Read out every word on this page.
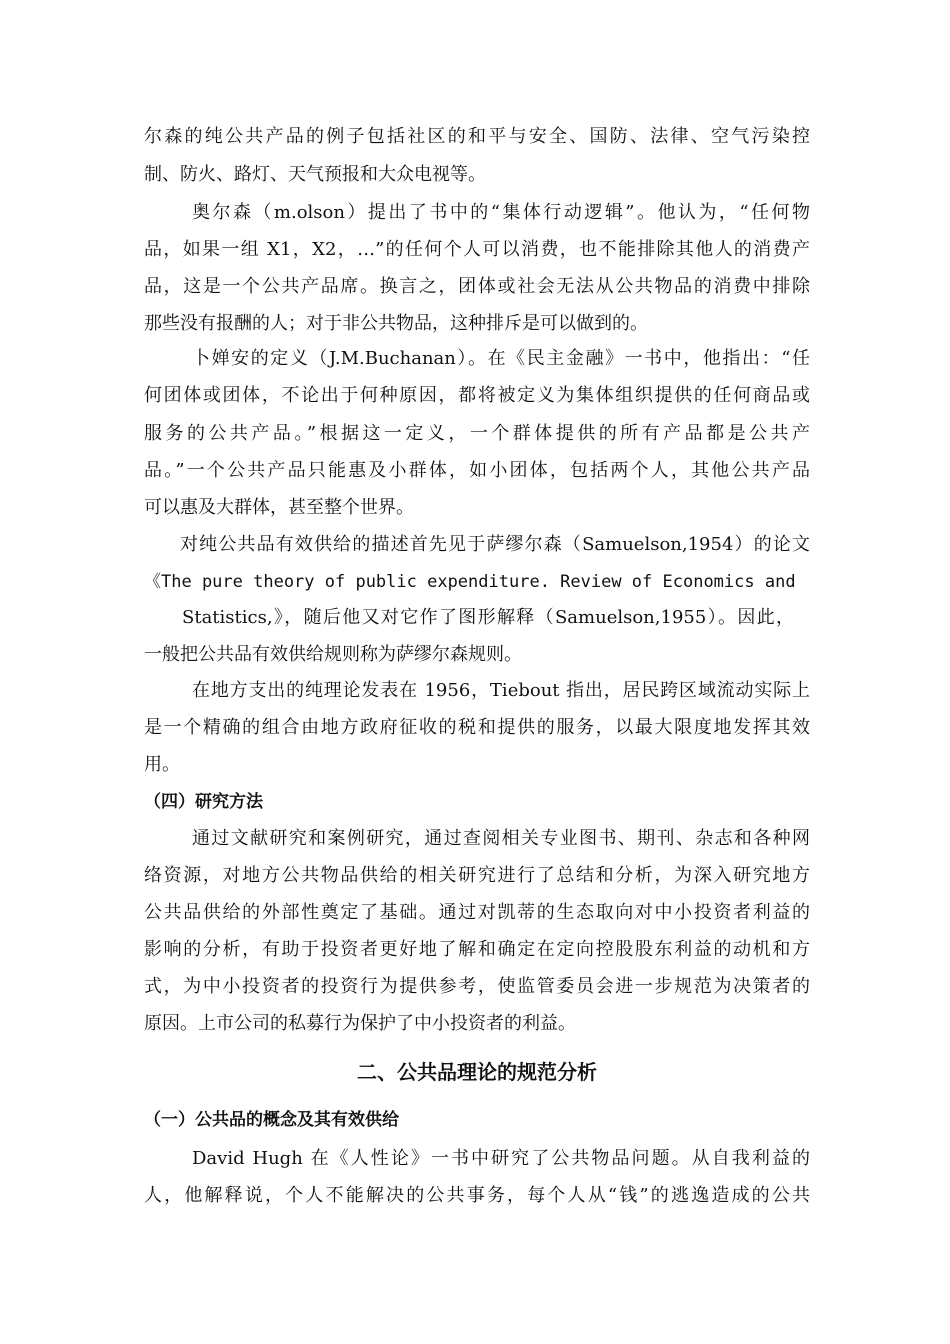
尔森的纯公共产品的例子包括社区的和平与安全、国防、法律、空气污染控
制、防火、路灯、天气预报和大众电视等。
奥尔森（m.olson）提出了书中的“集体行动逻辑”。他认为，“任何物
品，如果一组 X1，X2，…”的任何个人可以消费，也不能排除其他人的消费产
品，这是一个公共产品席。换言之，团体或社会无法从公共物品的消费中排除
那些没有报酬的人；对于非公共物品，这种排斥是可以做到的。
卜婵安的定义（J.M.Buchanan）。在《民主金融》一书中，他指出：“任
何团体或团体，不论出于何种原因，都将被定义为集体组织提供的任何商品或
服务的公共产品。”根据这一定义，一个群体提供的所有产品都是公共产
品。”一个公共产品只能惠及小群体，如小团体，包括两个人，其他公共产品
可以惠及大群体，甚至整个世界。
对纯公共品有效供给的描述首先见于萨缪尔森（Samuelson,1954）的论文
《The pure theory of public expenditure. Review of Economics and
Statistics,》，随后他又对它作了图形解释（Samuelson,1955）。因此，
一般把公共品有效供给规则称为萨缪尔森规则。
在地方支出的纯理论发表在 1956，Tiebout 指出，居民跨区域流动实际上
是一个精确的组合由地方政府征收的税和提供的服务，以最大限度地发挥其效
用。
（四）研究方法
通过文献研究和案例研究，通过查阅相关专业图书、期刊、杂志和各种网
络资源，对地方公共物品供给的相关研究进行了总结和分析，为深入研究地方
公共品供给的外部性奠定了基础。通过对凯蒂的生态取向对中小投资者利益的
影响的分析，有助于投资者更好地了解和确定在定向控股股东利益的动机和方
式，为中小投资者的投资行为提供参考，使监管委员会进一步规范为决策者的
原因。上市公司的私募行为保护了中小投资者的利益。
二、公共品理论的规范分析
（一）公共品的概念及其有效供给
David Hugh 在《人性论》一书中研究了公共物品问题。从自我利益的
人，他解释说，个人不能解决的公共事务，每个人从“钱”的逃逸造成的公共
